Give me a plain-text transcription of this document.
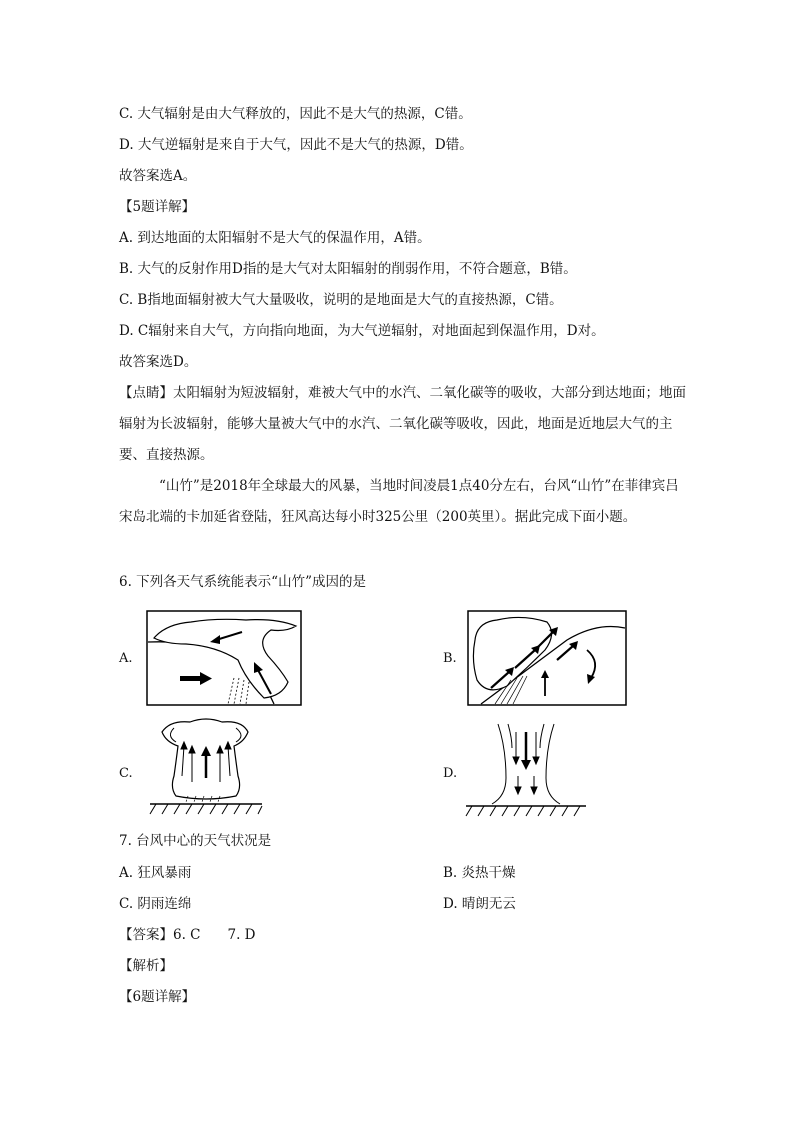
C. 大气辐射是由大气释放的，因此不是大气的热源，C错。
D. 大气逆辐射是来自于大气，因此不是大气的热源，D错。
故答案选A。
【5题详解】
A. 到达地面的太阳辐射不是大气的保温作用，A错。
B. 大气的反射作用D指的是大气对太阳辐射的削弱作用，不符合题意，B错。
C. B指地面辐射被大气大量吸收，说明的是地面是大气的直接热源，C错。
D. C辐射来自大气，方向指向地面，为大气逆辐射，对地面起到保温作用，D对。
故答案选D。
【点睛】太阳辐射为短波辐射，难被大气中的水汽、二氧化碳等的吸收，大部分到达地面；地面辐射为长波辐射，能够大量被大气中的水汽、二氧化碳等吸收，因此，地面是近地层大气的主要、直接热源。
“山竹”是2018年全球最大的风暴，当地时间凌晨1点40分左右，台风“山竹”在菲律宾吕宋岛北端的卡加延省登陆，狂风高达每小时325公里（200英里）。据此完成下面小题。
6. 下列各天气系统能表示“山竹”成因的是
A.	B.
C.	D.
7. 台风中心的天气状况是
A. 狂风暴雨	B. 炎热干燥
C. 阴雨连绵	D. 晴朗无云
【答案】6. C　　7. D
【解析】
【6题详解】
